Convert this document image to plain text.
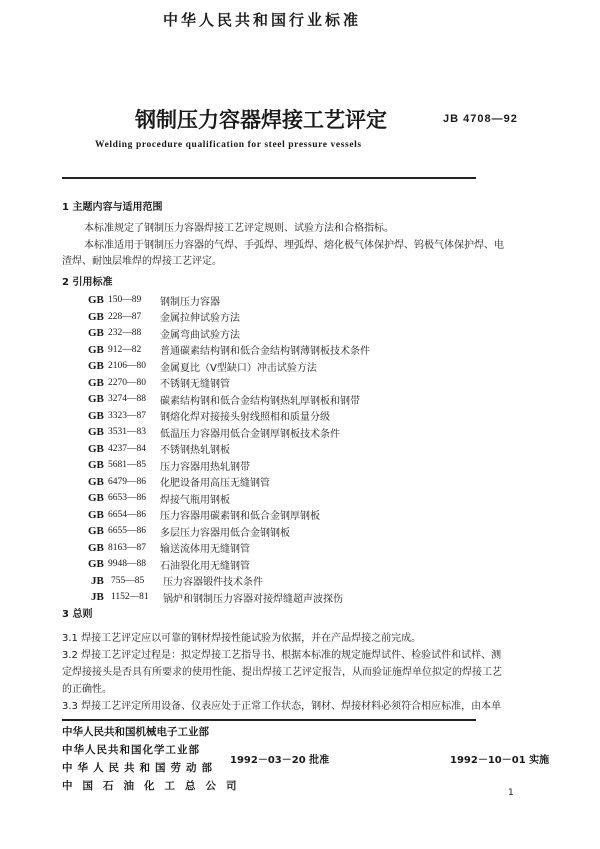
中华人民共和国行业标准
钢制压力容器焊接工艺评定	JB 4708—92
Welding procedure qualification for steel pressure vessels
1 主题内容与适用范围
本标准规定了钢制压力容器焊接工艺评定规则、试验方法和合格指标。
本标准适用于钢制压力容器的气焊、手弧焊、埋弧焊、熔化极气体保护焊、钨极气体保护焊、电
渣焊、耐蚀层堆焊的焊接工艺评定。
2 引用标准
GB 150—89	钢制压力容器
GB 228—87	金属拉伸试验方法
GB 232—88	金属弯曲试验方法
GB 912—82	普通碳素结构钢和低合金结构钢薄钢板技术条件
GB 2106—80	金属夏比（V型缺口）冲击试验方法
GB 2270—80	不锈钢无缝钢管
GB 3274—88	碳素结构钢和低合金结构钢热轧厚钢板和钢带
GB 3323—87	钢熔化焊对接接头射线照相和质量分级
GB 3531—83	低温压力容器用低合金钢厚钢板技术条件
GB 4237—84	不锈钢热轧钢板
GB 5681—85	压力容器用热轧钢带
GB 6479—86	化肥设备用高压无缝钢管
GB 6653—86	焊接气瓶用钢板
GB 6654—86	压力容器用碳素钢和低合金钢厚钢板
GB 6655—86	多层压力容器用低合金钢钢板
GB 8163—87	输送流体用无缝钢管
GB 9948—88	石油裂化用无缝钢管
JB 755—85	压力容器锻件技术条件
JB 1152—81	锅炉和钢制压力容器对接焊缝超声波探伤
3 总则
3.1 焊接工艺评定应以可靠的钢材焊接性能试验为依据，并在产品焊接之前完成。
3.2 焊接工艺评定过程是：拟定焊接工艺指导书、根据本标准的规定施焊试件、检验试件和试样、测
定焊接接头是否具有所要求的使用性能、提出焊接工艺评定报告，从而验证施焊单位拟定的焊接工艺
的正确性。
3.3 焊接工艺评定所用设备、仪表应处于正常工作状态，钢材、焊接材料必须符合相应标准，由本单
中华人民共和国机械电子工业部
中华人民共和国化学工业部
中华人民共和国劳动部
中国石油化工总公司
1992－03－20 批准	1992－10－01 实施
1
